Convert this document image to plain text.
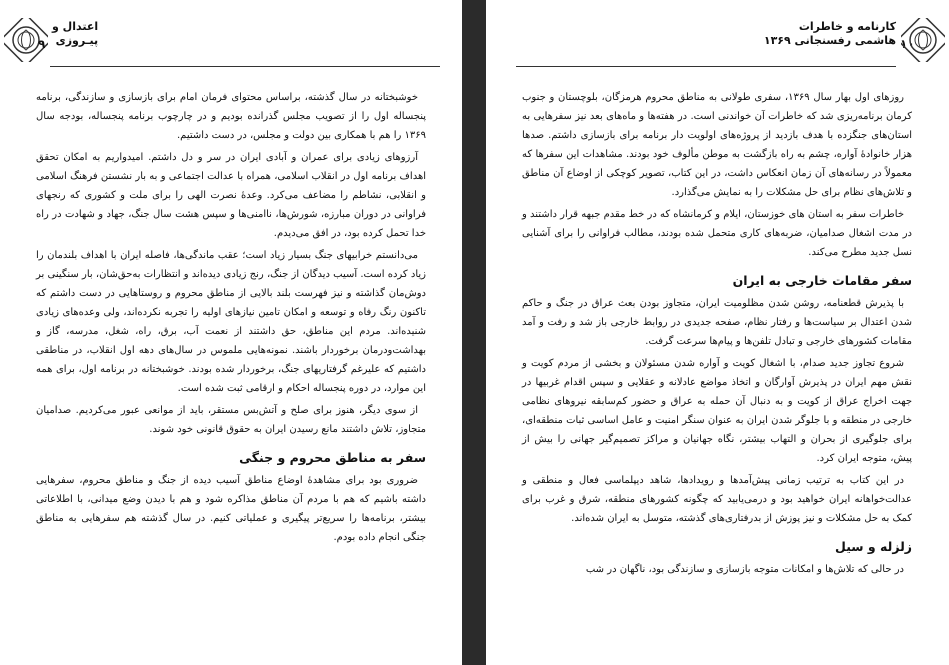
اعتدال و
پیـروزی
۹

خوشبختانه در سال گذشته، براساس محتوای فرمان امام برای بازسازی و سازندگی، برنامه پنجساله اول را از تصویب مجلس گذرانده بودیم و در چارچوب برنامه پنجساله، بودجه سال ۱۳۶۹ را هم با همکاری بین دولت و مجلس، در دست داشتیم.

آرزوهای زیادی برای عمران و آبادی ایران در سر و دل داشتم. امیدواریم به امکان تحقق اهداف برنامه اول در انقلاب اسلامی، همراه با عدالت اجتماعی و به بار نشستن فرهنگ اسلامی و انقلابی، نشاطم را مضاعف می‌کرد. وعدهٔ نصرت الهی را برای ملت و کشوری که رنجهای فراوانی در دوران مبارزه، شورش‌ها، ناامنی‌ها و سپس هشت سال جنگ، جهاد و شهادت در راه خدا تحمل کرده بود، در افق می‌دیدم.

می‌دانستم خرابیهای جنگ بسیار زیاد است؛ عقب ماندگی‌ها، فاصله ایران با اهداف بلندمان را زیاد کرده است. آسیب دیدگان از جنگ، رنج زیادی دیده‌اند و انتظارات به‌حق‌شان، بار سنگینی بر دوش‌مان گذاشته و نیز فهرست بلند بالایی از مناطق محروم و روستاهایی در دست داشتم که تاکنون رنگ رفاه و توسعه و امکان تامین نیازهای اولیه را تجربه نکرده‌اند، ولی وعده‌های زیادی شنیده‌اند. مردم این مناطق، حق داشتند از نعمت آب، برق، راه، شغل، مدرسه، گاز و بهداشت‌ودرمان برخوردار باشند. نمونه‌هایی ملموس در سال‌های دهه اول انقلاب، در مناطقی داشتیم که علیرغم گرفتاریهای جنگ، برخوردار شده بودند. خوشبختانه در برنامه اول، برای همه این موارد، در دوره پنجساله احکام و ارقامی ثبت شده است.

از سوی دیگر، هنوز برای صلح و آتش‌بس مستقر، باید از موانعی عبور می‌کردیم. صدامیان متجاوز، تلاش داشتند مانع رسیدن ایران به حقوق قانونی خود شوند.

سفر به مناطق محروم و جنگی

ضروری بود برای مشاهدهٔ اوضاع مناطق آسیب دیده از جنگ و مناطق محروم، سفرهایی داشته باشیم که هم با مردم آن مناطق مذاکره شود و هم با دیدن وضع میدانی، با اطلاعاتی بیشتر، برنامه‌ها را سریع‌تر پیگیری و عملیاتی کنیم. در سال گذشته هم سفرهایی به مناطق جنگی انجام داده بودم.

۱۰
کارنامه و خاطرات
هاشمی رفسنجانی ۱۳۶۹

روزهای اول بهار سال ۱۳۶۹، سفری طولانی به مناطق محروم هرمزگان، بلوچستان و جنوب کرمان برنامه‌ریزی شد که خاطرات آن خواندنی است. در هفته‌ها و ماه‌های بعد نیز سفرهایی به استان‌های جنگزده با هدف بازدید از پروژه‌های اولویت دار برنامه برای بازسازی داشتم. صدها هزار خانوادهٔ آواره، چشم به راه بازگشت به موطن مألوف خود بودند. مشاهدات این سفرها که معمولاً در رسانه‌های آن زمان انعکاس داشت، در این کتاب، تصویر کوچکی از اوضاع آن مناطق و تلاش‌های نظام برای حل مشکلات را به نمایش می‌گذارد.

خاطرات سفر به استان های خوزستان، ایلام و کرمانشاه که در خط مقدم جبهه قرار داشتند و در مدت اشغال صدامیان، ضربه‌های کاری متحمل شده بودند، مطالب فراوانی را برای آشنایی نسل جدید مطرح می‌کند.

سفر مقامات خارجی به ایران

با پذیرش قطعنامه، روشن شدن مظلومیت ایران، متجاوز بودن بعث عراق در جنگ و حاکم شدن اعتدال بر سیاست‌ها و رفتار نظام، صفحه جدیدی در روابط خارجی باز شد و رفت و آمد مقامات کشورهای خارجی و تبادل تلفن‌ها و پیام‌ها سرعت گرفت.

شروع تجاوز جدید صدام، با اشغال کویت و آواره شدن مسئولان و بخشی از مردم کویت و نقش مهم ایران در پذیرش آوارگان و اتخاذ مواضع عادلانه و عقلایی و سپس اقدام غربیها در جهت اخراج عراق از کویت و به دنبال آن حمله به عراق و حضور کم‌سابقه نیروهای نظامی خارجی در منطقه و با جلوگر شدن ایران به عنوان سنگر امنیت و عامل اساسی ثبات منطقه‌ای، برای جلوگیری از بحران و التهاب بیشتر، نگاه جهانیان و مراکز تصمیم‌گیر جهانی را بیش از پیش، متوجه ایران کرد.

در این کتاب به ترتیب زمانی پیش‌آمدها و رویدادها، شاهد دیپلماسی فعال و منطقی و عدالت‌خواهانه ایران خواهید بود و درمی‌یابید که چگونه کشورهای منطقه، شرق و غرب برای کمک به حل مشکلات و نیز پوزش از بدرفتاری‌های گذشته، متوسل به ایران شده‌اند.

زلزله و سیل

در حالی که تلاش‌ها و امکانات متوجه بازسازی و سازندگی بود، ناگهان در شب
